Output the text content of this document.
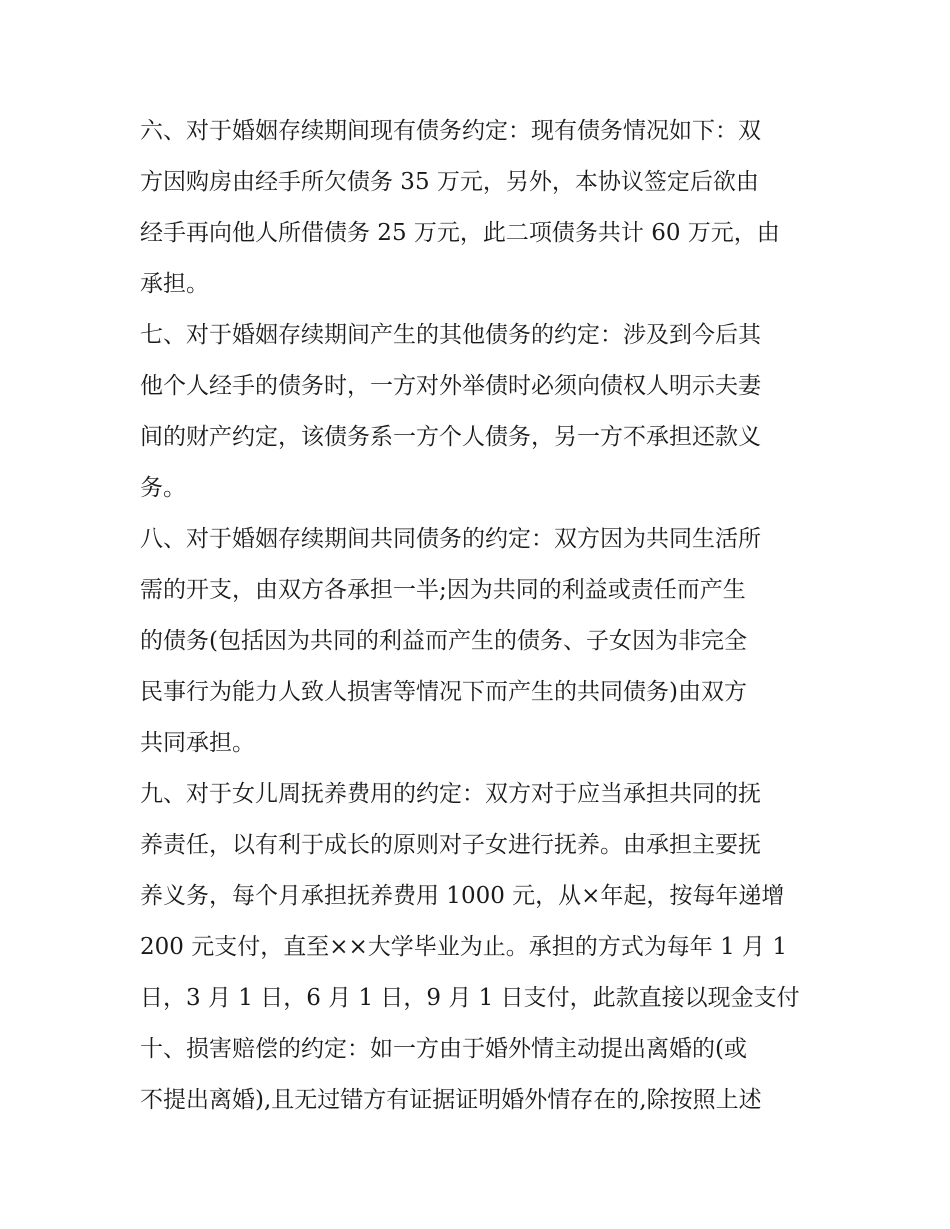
六、对于婚姻存续期间现有债务约定：现有债务情况如下：双
方因购房由经手所欠债务 35 万元，另外，本协议签定后欲由
经手再向他人所借债务 25 万元，此二项债务共计 60 万元，由
承担。
七、对于婚姻存续期间产生的其他债务的约定：涉及到今后其
他个人经手的债务时，一方对外举债时必须向债权人明示夫妻
间的财产约定，该债务系一方个人债务，另一方不承担还款义
务。
八、对于婚姻存续期间共同债务的约定：双方因为共同生活所
需的开支，由双方各承担一半;因为共同的利益或责任而产生
的债务(包括因为共同的利益而产生的债务、子女因为非完全
民事行为能力人致人损害等情况下而产生的共同债务)由双方
共同承担。
九、对于女儿周抚养费用的约定：双方对于应当承担共同的抚
养责任，以有利于成长的原则对子女进行抚养。由承担主要抚
养义务，每个月承担抚养费用 1000 元，从×年起，按每年递增
200 元支付，直至××大学毕业为止。承担的方式为每年 1 月 1
日，3 月 1 日，6 月 1 日，9 月 1 日支付，此款直接以现金支付
十、损害赔偿的约定：如一方由于婚外情主动提出离婚的(或
不提出离婚),且无过错方有证据证明婚外情存在的,除按照上述
